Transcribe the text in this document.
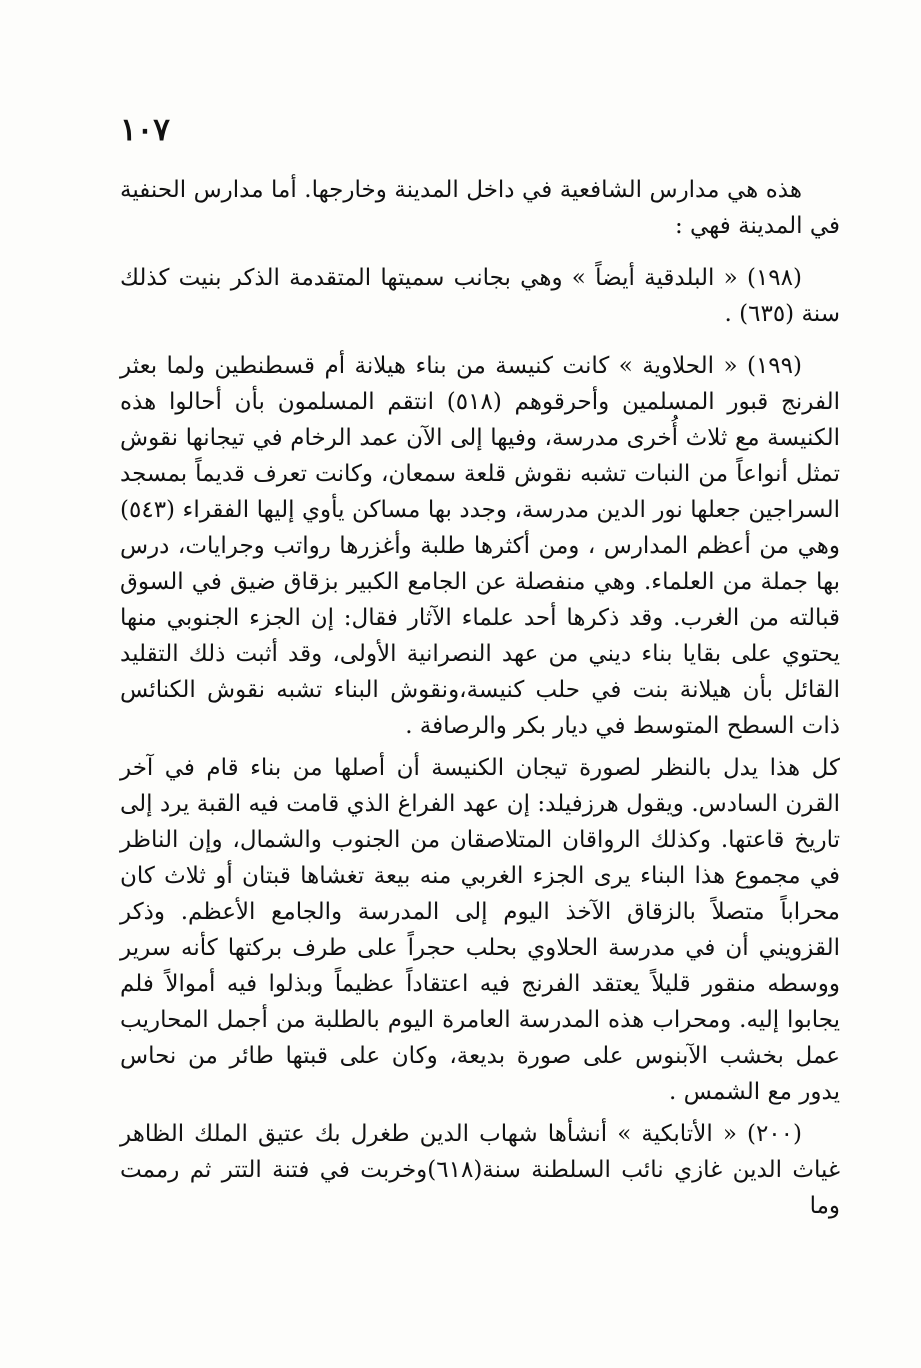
١٠٧

هذه هي مدارس الشافعية في داخل المدينة وخارجها. أما مدارس الحنفية في المدينة فهي :

(١٩٨) « البلدقية أيضاً » وهي بجانب سميتها المتقدمة الذكر بنيت كذلك سنة (٦٣٥) .

(١٩٩) « الحلاوية » كانت كنيسة من بناء هيلانة أم قسطنطين ولما بعثر الفرنج قبور المسلمين وأحرقوهم (٥١٨) انتقم المسلمون بأن أحالوا هذه الكنيسة مع ثلاث أُخرى مدرسة، وفيها إلى الآن عمد الرخام في تيجانها نقوش تمثل أنواعاً من النبات تشبه نقوش قلعة سمعان، وكانت تعرف قديماً بمسجد السراجين جعلها نور الدين مدرسة، وجدد بها مساكن يأوي إليها الفقراء (٥٤٣) وهي من أعظم المدارس ، ومن أكثرها طلبة وأغزرها رواتب وجرايات، درس بها جملة من العلماء. وهي منفصلة عن الجامع الكبير بزقاق ضيق في السوق قبالته من الغرب. وقد ذكرها أحد علماء الآثار فقال: إن الجزء الجنوبي منها يحتوي على بقايا بناء ديني من عهد النصرانية الأولى، وقد أثبت ذلك التقليد القائل بأن هيلانة بنت في حلب كنيسة،ونقوش البناء تشبه نقوش الكنائس ذات السطح المتوسط في ديار بكر والرصافة .

كل هذا يدل بالنظر لصورة تيجان الكنيسة أن أصلها من بناء قام في آخر القرن السادس. ويقول هرزفيلد: إن عهد الفراغ الذي قامت فيه القبة يرد إلى تاريخ قاعتها. وكذلك الرواقان المتلاصقان من الجنوب والشمال، وإن الناظر في مجموع هذا البناء يرى الجزء الغربي منه بيعة تغشاها قبتان أو ثلاث كان محراباً متصلاً بالزقاق الآخذ اليوم إلى المدرسة والجامع الأعظم. وذكر القزويني أن في مدرسة الحلاوي بحلب حجراً على طرف بركتها كأنه سرير ووسطه منقور قليلاً يعتقد الفرنج فيه اعتقاداً عظيماً وبذلوا فيه أموالاً فلم يجابوا إليه. ومحراب هذه المدرسة العامرة اليوم بالطلبة من أجمل المحاريب عمل بخشب الآبنوس على صورة بديعة، وكان على قبتها طائر من نحاس يدور مع الشمس .

(٢٠٠) « الأتابكية » أنشأها شهاب الدين طغرل بك عتيق الملك الظاهر غياث الدين غازي نائب السلطنة سنة(٦١٨)وخربت في فتنة التتر ثم رممت وما
